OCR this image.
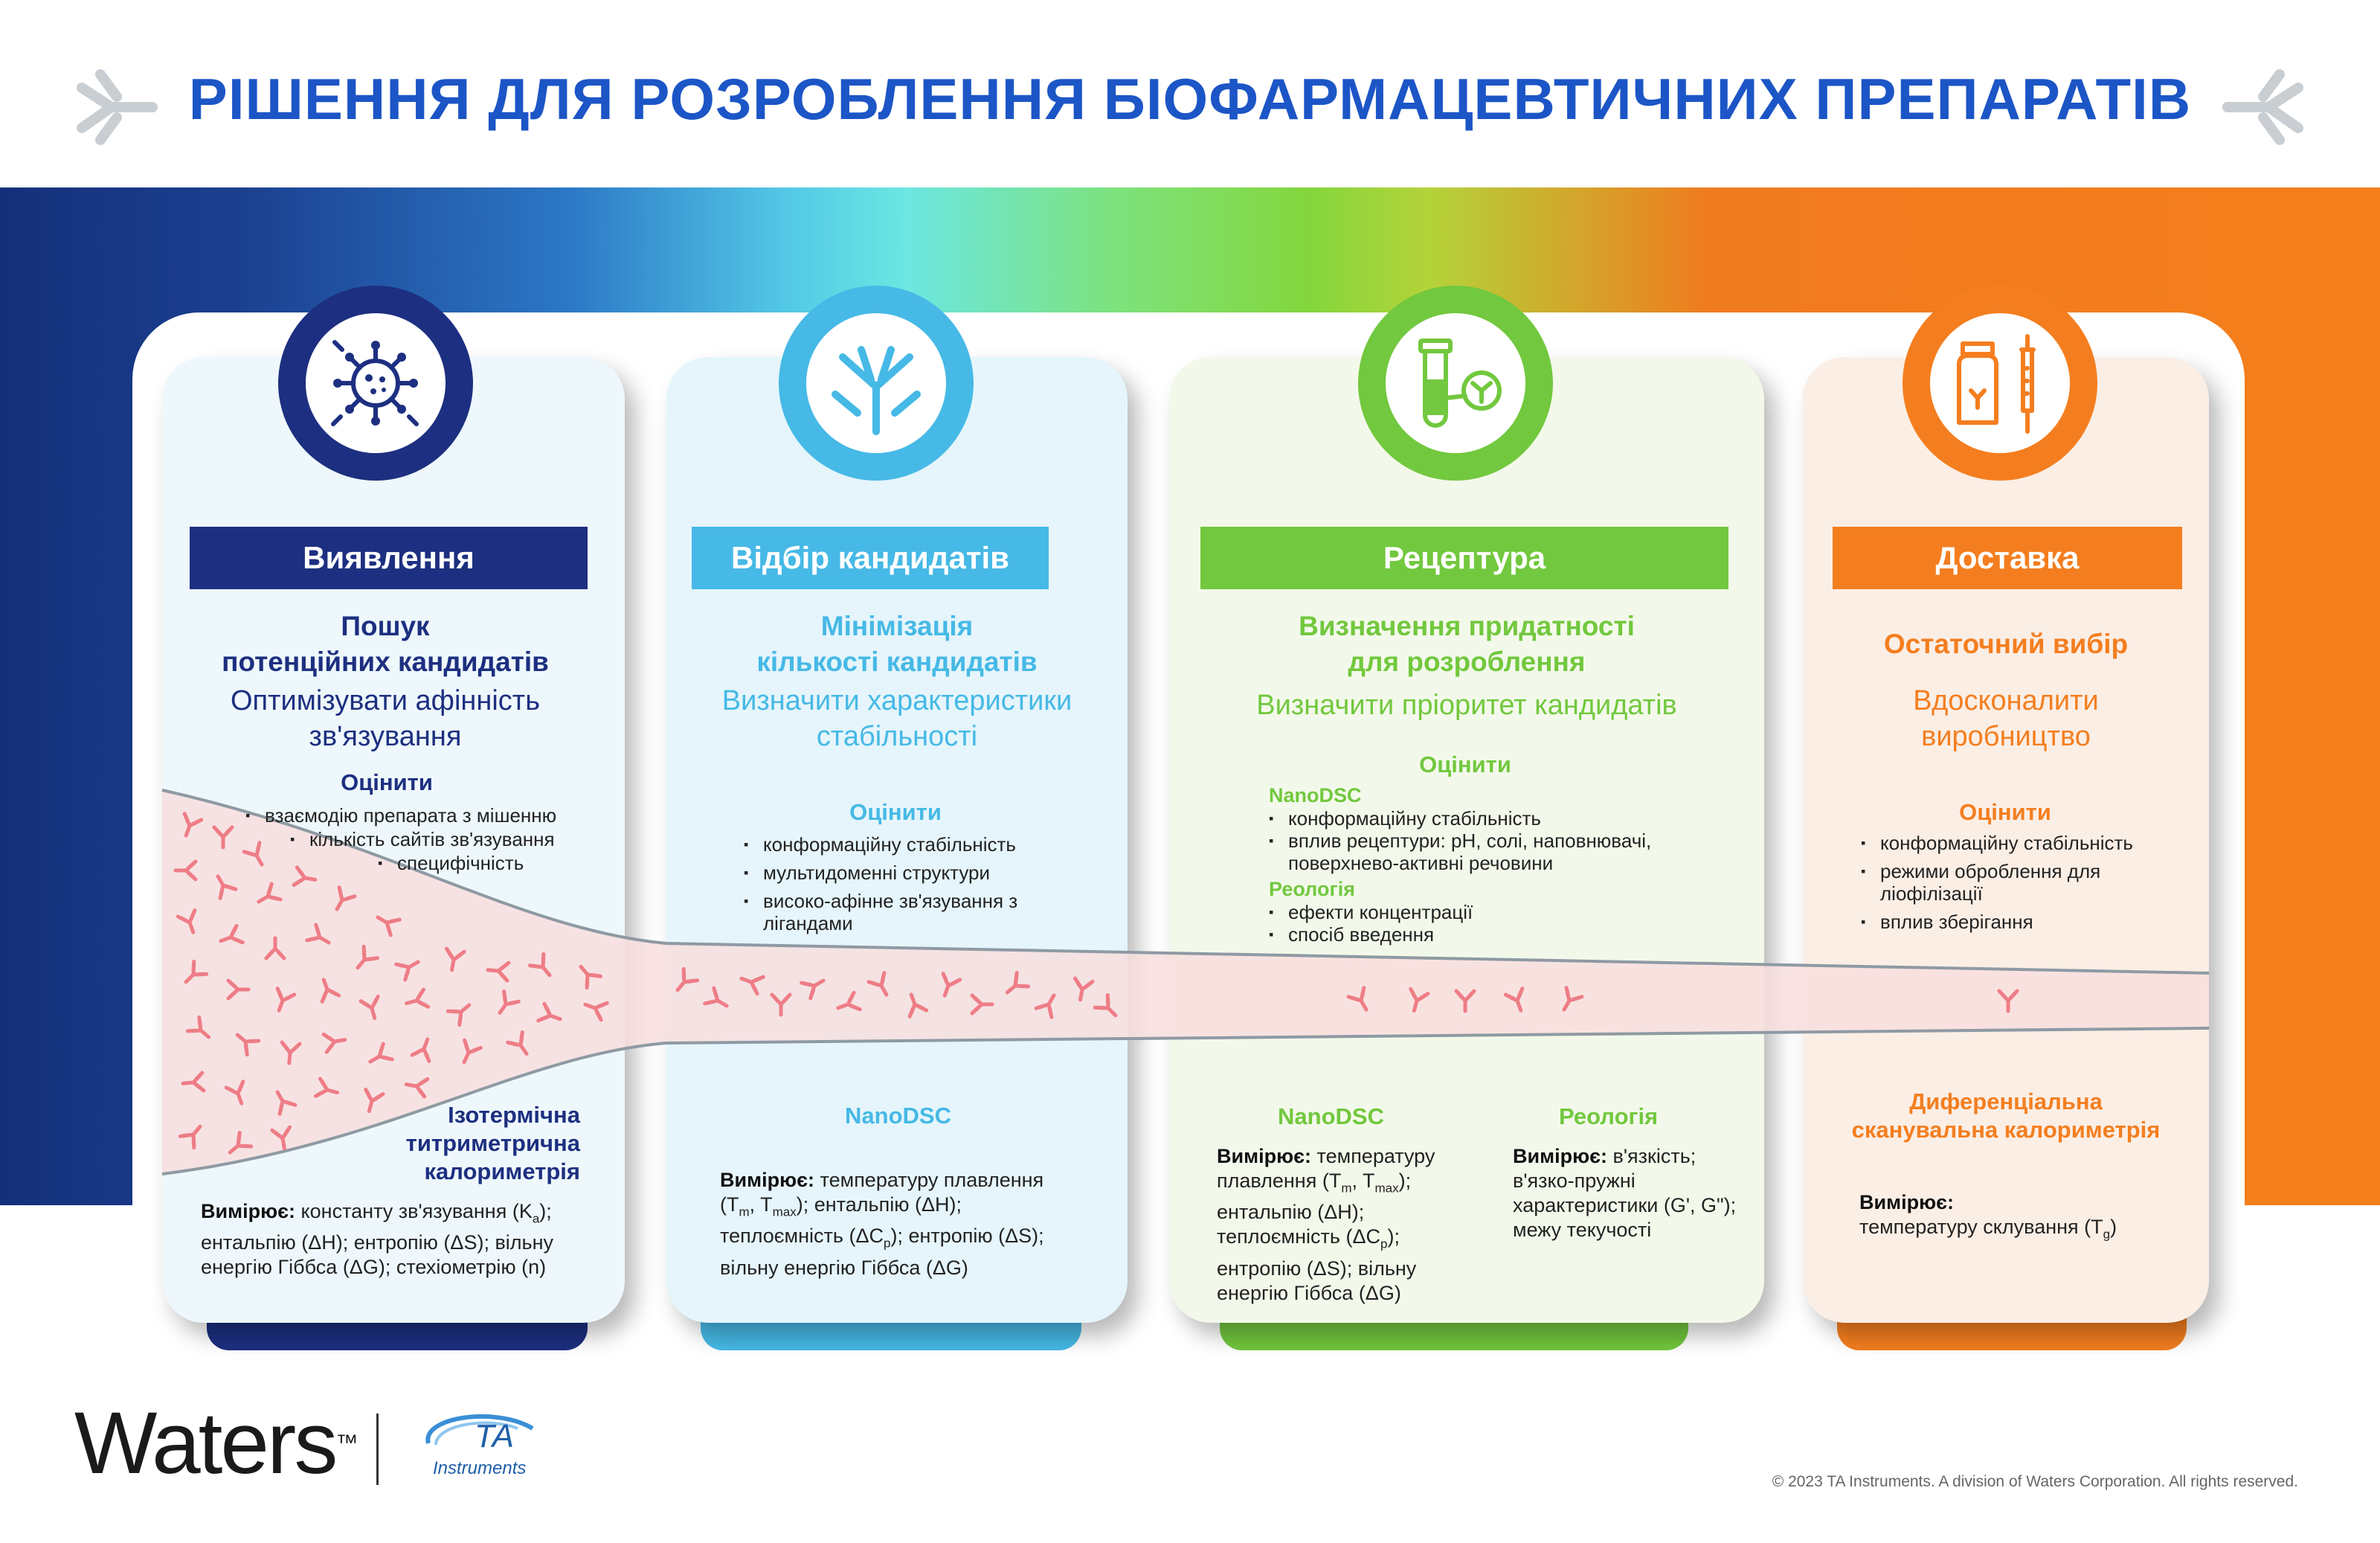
РІШЕННЯ ДЛЯ РОЗРОБЛЕННЯ БІОФАРМАЦЕВТИЧНИХ ПРЕПАРАТІВ
Виявлення	Відбір кандидатів	Рецептура	Доставка
Пошук
потенційних кандидатів
Оптимізувати афінність
зв'язування
Оцінити
▪ взаємодію препарата з мішенню
▪ кількість сайтів зв'язування
▪ специфічність
Ізотермічна
титриметрична
калориметрія
Вимірює: константу зв'язування $(K_a)$;
ентальпію (ΔH); ентропію (ΔS); вільну
енергію Гіббса (ΔG); стехіометрію (n)
Мінімізація
кількості кандидатів
Визначити характеристики
стабільності
Оцінити
▪ конформаційну стабільність
▪ мультидоменні структури
▪ високо-афінне зв'язування з лігандами
NanoDSC
Вимірює: температуру плавлення
($T_m$, $T_{max}$); ентальпію (ΔH);
теплоємність $(\Delta C_p)$; ентропію (ΔS);
вільну енергію Гіббса (ΔG)
Визначення придатності
для розроблення
Визначити пріоритет кандидатів
Оцінити
NanoDSC
▪ конформаційну стабільність
▪ вплив рецептури: pH, солі, наповнювачі, поверхнево-активні речовини
Реологія
▪ ефекти концентрації
▪ спосіб введення
NanoDSC	Реологія
Вимірює: температуру
плавлення ($T_m$, $T_{max}$);
ентальпію (ΔH);
теплоємність $(\Delta C_p)$;
ентропію (ΔS); вільну
енергію Гіббса (ΔG)
Вимірює: в'язкість;
в'язко-пружні
характеристики (G', G");
межу текучості
Остаточний вибір
Вдосконалити
виробництво
Оцінити
▪ конформаційну стабільність
▪ режими оброблення для ліофілізації
▪ вплив зберігання
Диференціальна
сканувальна калориметрія
Вимірює:
температуру склування $(T_g)$
Waters™	TA
Instruments
© 2023 TA Instruments. A division of Waters Corporation. All rights reserved.
